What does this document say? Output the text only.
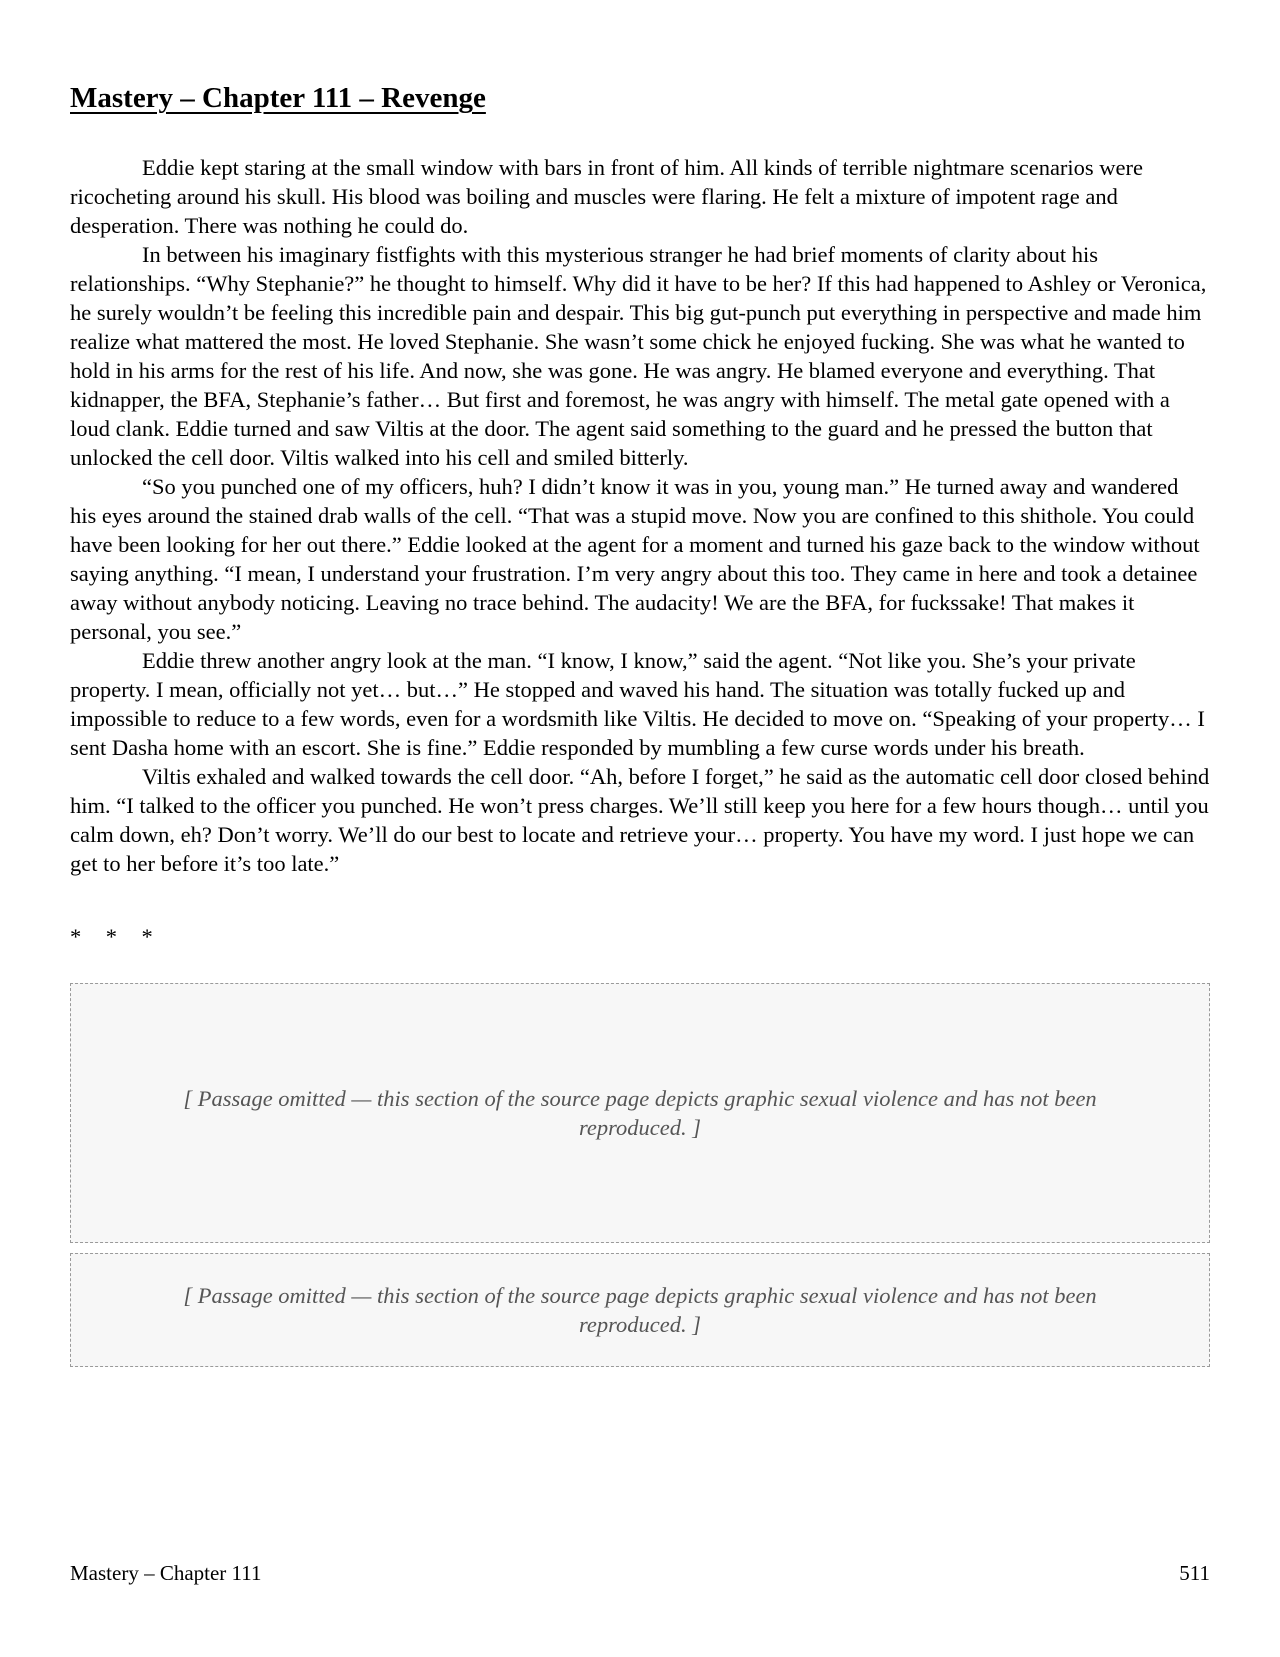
Mastery – Chapter 111 – Revenge

Eddie kept staring at the small window with bars in front of him. All kinds of terrible nightmare scenarios were ricocheting around his skull. His blood was boiling and muscles were flaring. He felt a mixture of impotent rage and desperation. There was nothing he could do.

In between his imaginary fistfights with this mysterious stranger he had brief moments of clarity about his relationships. “Why Stephanie?” he thought to himself. Why did it have to be her? If this had happened to Ashley or Veronica, he surely wouldn’t be feeling this incredible pain and despair. This big gut-punch put everything in perspective and made him realize what mattered the most. He loved Stephanie. She wasn’t some chick he enjoyed fucking. She was what he wanted to hold in his arms for the rest of his life. And now, she was gone. He was angry. He blamed everyone and everything. That kidnapper, the BFA, Stephanie’s father… But first and foremost, he was angry with himself. The metal gate opened with a loud clank. Eddie turned and saw Viltis at the door. The agent said something to the guard and he pressed the button that unlocked the cell door. Viltis walked into his cell and smiled bitterly.

“So you punched one of my officers, huh? I didn’t know it was in you, young man.” He turned away and wandered his eyes around the stained drab walls of the cell. “That was a stupid move. Now you are confined to this shithole. You could have been looking for her out there.” Eddie looked at the agent for a moment and turned his gaze back to the window without saying anything. “I mean, I understand your frustration. I’m very angry about this too. They came in here and took a detainee away without anybody noticing. Leaving no trace behind. The audacity! We are the BFA, for fuckssake! That makes it personal, you see.”

Eddie threw another angry look at the man. “I know, I know,” said the agent. “Not like you. She’s your private property. I mean, officially not yet… but…” He stopped and waved his hand. The situation was totally fucked up and impossible to reduce to a few words, even for a wordsmith like Viltis. He decided to move on. “Speaking of your property… I sent Dasha home with an escort. She is fine.” Eddie responded by mumbling a few curse words under his breath.

Viltis exhaled and walked towards the cell door. “Ah, before I forget,” he said as the automatic cell door closed behind him. “I talked to the officer you punched. He won’t press charges. We’ll still keep you here for a few hours though… until you calm down, eh? Don’t worry. We’ll do our best to locate and retrieve your… property. You have my word. I just hope we can get to her before it’s too late.”

* * *

[ Passage omitted — this section of the source page depicts graphic sexual violence and has not been reproduced. ]
[ Passage omitted — this section of the source page depicts graphic sexual violence and has not been reproduced. ]
Mastery – Chapter 111	511
